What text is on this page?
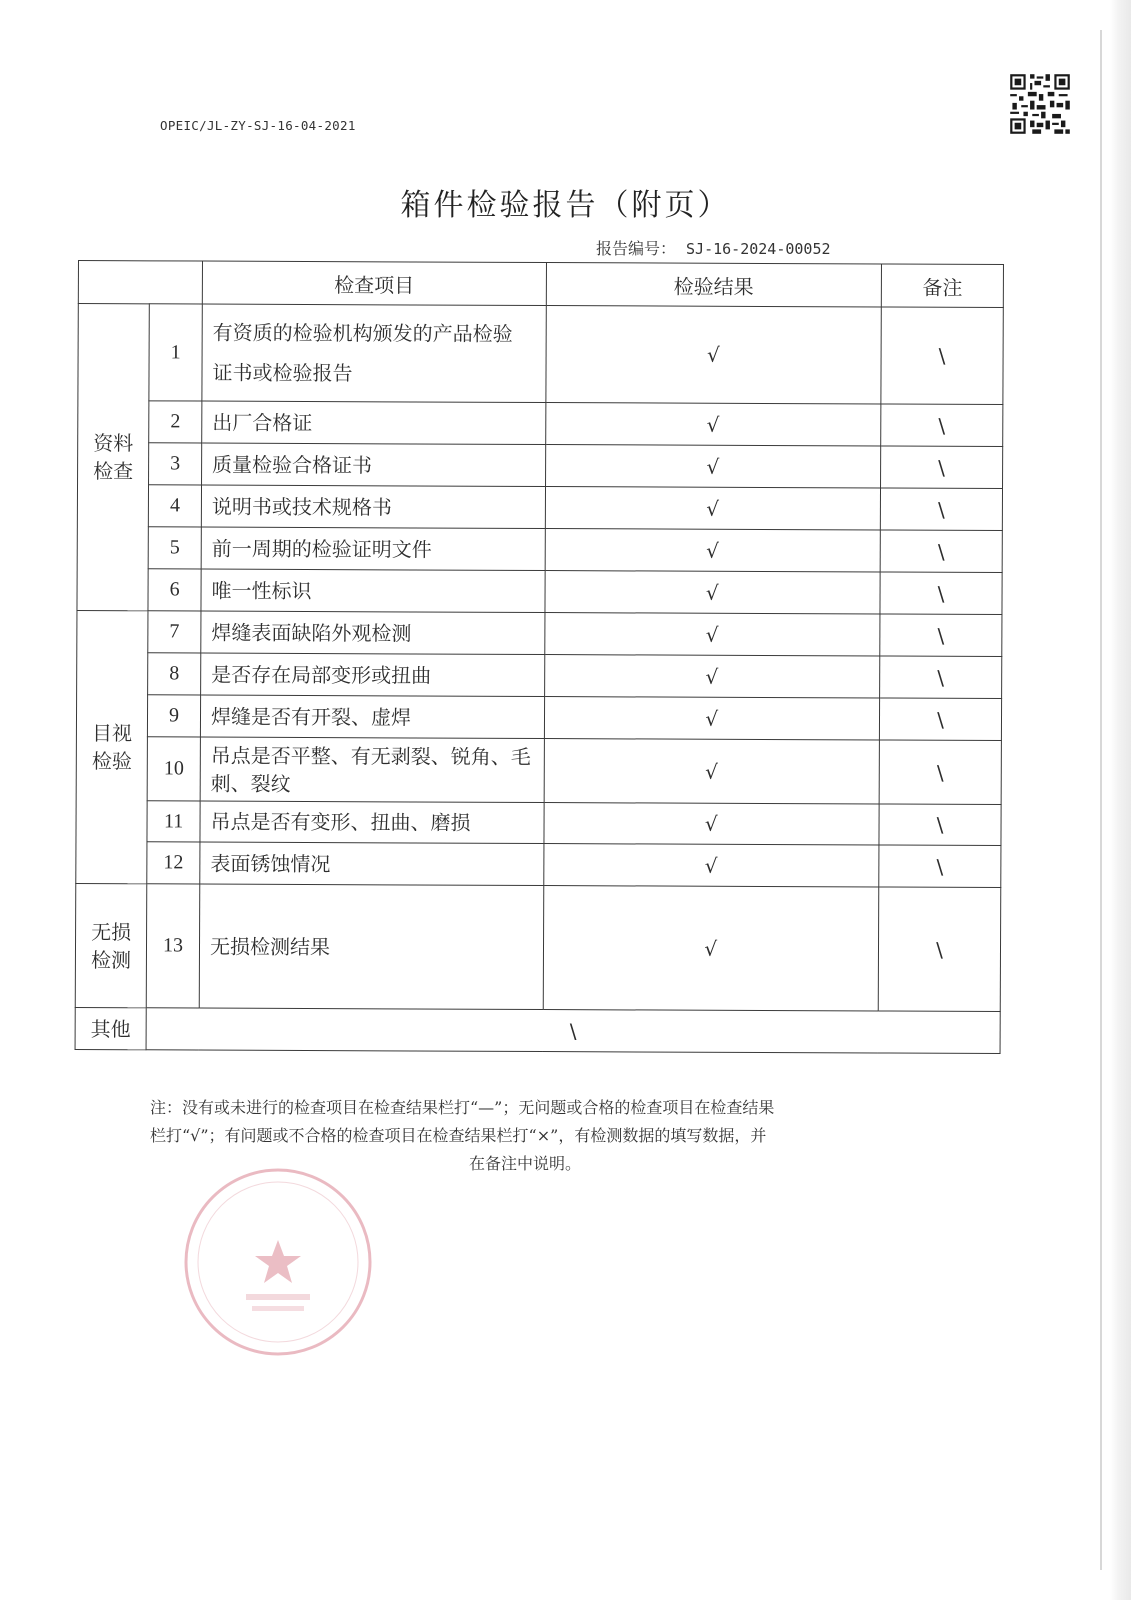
OPEIC/JL-ZY-SJ-16-04-2021
箱件检验报告（附页）
报告编号： SJ-16-2024-00052
		检查项目	检验结果	备注
资料检查	1	有资质的检验机构颁发的产品检验证书或检验报告	√	\
	2	出厂合格证	√	\
	3	质量检验合格证书	√	\
	4	说明书或技术规格书	√	\
	5	前一周期的检验证明文件	√	\
	6	唯一性标识	√	\
目视检验	7	焊缝表面缺陷外观检测	√	\
	8	是否存在局部变形或扭曲	√	\
	9	焊缝是否有开裂、虚焊	√	\
	10	吊点是否平整、有无剥裂、锐角、毛刺、裂纹	√	\
	11	吊点是否有变形、扭曲、磨损	√	\
	12	表面锈蚀情况	√	\
无损检测	13	无损检测结果	√	\
其他	\			
注：没有或未进行的检查项目在检查结果栏打“—”；无问题或合格的检查项目在检查结果
栏打“√”；有问题或不合格的检查项目在检查结果栏打“×”，有检测数据的填写数据，并
在备注中说明。
